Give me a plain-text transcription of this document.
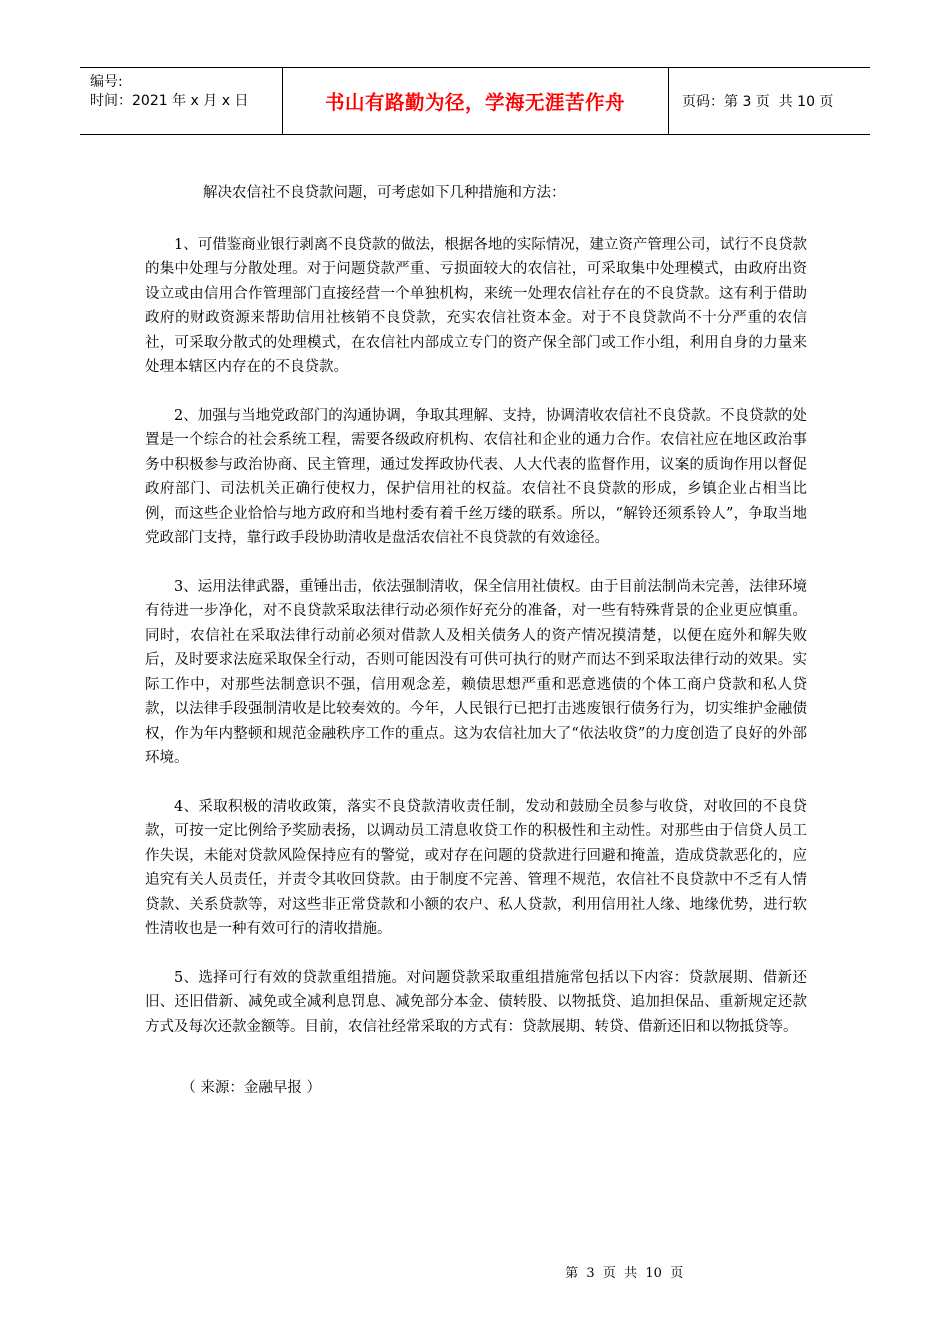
编号:
时间：2021 年 x 月 x 日	书山有路勤为径，学海无涯苦作舟	页码：第 3 页  共 10 页

解决农信社不良贷款问题，可考虑如下几种措施和方法：

1、可借鉴商业银行剥离不良贷款的做法，根据各地的实际情况，建立资产管理公司，试行不良贷款的集中处理与分散处理。对于问题贷款严重、亏损面较大的农信社，可采取集中处理模式，由政府出资设立或由信用合作管理部门直接经营一个单独机构，来统一处理农信社存在的不良贷款。这有利于借助政府的财政资源来帮助信用社核销不良贷款，充实农信社资本金。对于不良贷款尚不十分严重的农信社，可采取分散式的处理模式，在农信社内部成立专门的资产保全部门或工作小组，利用自身的力量来处理本辖区内存在的不良贷款。

2、加强与当地党政部门的沟通协调，争取其理解、支持，协调清收农信社不良贷款。不良贷款的处置是一个综合的社会系统工程，需要各级政府机构、农信社和企业的通力合作。农信社应在地区政治事务中积极参与政治协商、民主管理，通过发挥政协代表、人大代表的监督作用，议案的质询作用以督促政府部门、司法机关正确行使权力，保护信用社的权益。农信社不良贷款的形成，乡镇企业占相当比例，而这些企业恰恰与地方政府和当地村委有着千丝万缕的联系。所以，“解铃还须系铃人”，争取当地党政部门支持，靠行政手段协助清收是盘活农信社不良贷款的有效途径。

3、运用法律武器，重锤出击，依法强制清收，保全信用社债权。由于目前法制尚未完善，法律环境有待进一步净化，对不良贷款采取法律行动必须作好充分的准备，对一些有特殊背景的企业更应慎重。同时，农信社在采取法律行动前必须对借款人及相关债务人的资产情况摸清楚，以便在庭外和解失败后，及时要求法庭采取保全行动，否则可能因没有可供可执行的财产而达不到采取法律行动的效果。实际工作中，对那些法制意识不强，信用观念差，赖债思想严重和恶意逃债的个体工商户贷款和私人贷款，以法律手段强制清收是比较奏效的。今年，人民银行已把打击逃废银行债务行为，切实维护金融债权，作为年内整顿和规范金融秩序工作的重点。这为农信社加大了“依法收贷”的力度创造了良好的外部环境。

4、采取积极的清收政策，落实不良贷款清收责任制，发动和鼓励全员参与收贷，对收回的不良贷款，可按一定比例给予奖励表扬，以调动员工清息收贷工作的积极性和主动性。对那些由于信贷人员工作失误，未能对贷款风险保持应有的警觉，或对存在问题的贷款进行回避和掩盖，造成贷款恶化的，应追究有关人员责任，并责令其收回贷款。由于制度不完善、管理不规范，农信社不良贷款中不乏有人情贷款、关系贷款等，对这些非正常贷款和小额的农户、私人贷款，利用信用社人缘、地缘优势，进行软性清收也是一种有效可行的清收措施。

5、选择可行有效的贷款重组措施。对问题贷款采取重组措施常包括以下内容：贷款展期、借新还旧、还旧借新、减免或全减利息罚息、减免部分本金、债转股、以物抵贷、追加担保品、重新规定还款方式及每次还款金额等。目前，农信社经常采取的方式有：贷款展期、转贷、借新还旧和以物抵贷等。

（ 来源：金融早报 ）

第  3  页  共  10  页
